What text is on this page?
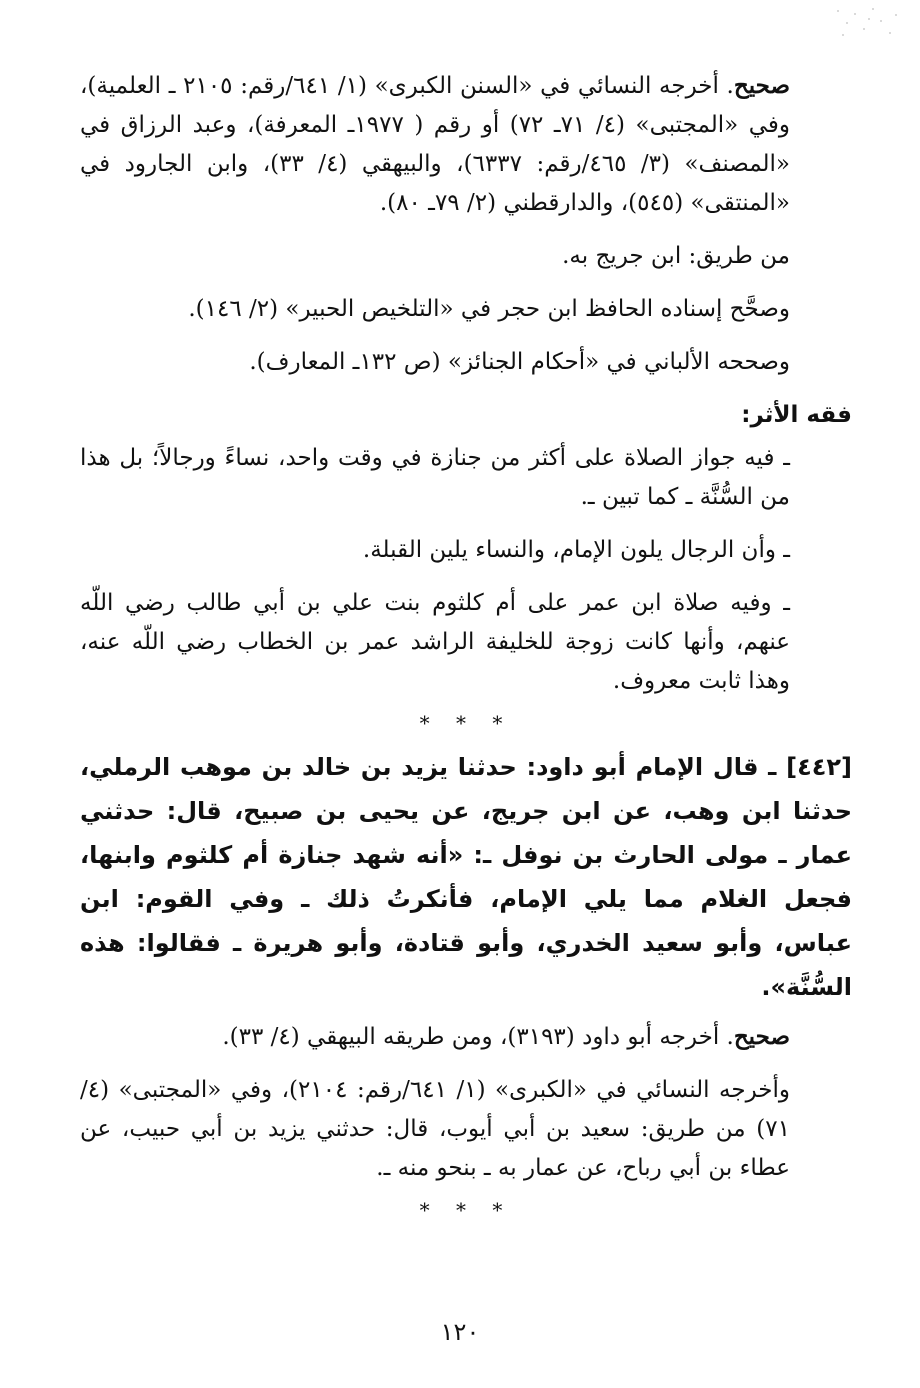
صحيح. أخرجه النسائي في «السنن الكبرى» (١/ ٦٤١/رقم: ٢١٠٥ ـ العلمية)، وفي «المجتبى» (٤/ ٧١ـ ٧٢) أو رقم ( ١٩٧٧ـ المعرفة)، وعبد الرزاق في «المصنف» (٣/ ٤٦٥/رقم: ٦٣٣٧)، والبيهقي (٤/ ٣٣)، وابن الجارود في «المنتقى» (٥٤٥)، والدارقطني (٢/ ٧٩ـ ٨٠).

من طريق: ابن جريج به.

وصحَّح إسناده الحافظ ابن حجر في «التلخيص الحبير» (٢/ ١٤٦).

وصححه الألباني في «أحكام الجنائز» (ص ١٣٢ـ المعارف).

فقه الأثر:

ـ فيه جواز الصلاة على أكثر من جنازة في وقت واحد، نساءً ورجالاً؛ بل هذا من السُّنَّة ـ كما تبين ـ.

ـ وأن الرجال يلون الإمام، والنساء يلين القبلة.

ـ وفيه صلاة ابن عمر على أم كلثوم بنت علي بن أبي طالب رضي اللّه عنهم، وأنها كانت زوجة للخليفة الراشد عمر بن الخطاب رضي اللّه عنه، وهذا ثابت معروف.

* * *

[٤٤٢] ـ قال الإمام أبو داود: حدثنا يزيد بن خالد بن موهب الرملي، حدثنا ابن وهب، عن ابن جريج، عن يحيى بن صبيح، قال: حدثني عمار ـ مولى الحارث بن نوفل ـ: «أنه شهد جنازة أم كلثوم وابنها، فجعل الغلام مما يلي الإمام، فأنكرتُ ذلك ـ وفي القوم: ابن عباس، وأبو سعيد الخدري، وأبو قتادة، وأبو هريرة ـ فقالوا: هذه السُّنَّة».

صحيح. أخرجه أبو داود (٣١٩٣)، ومن طريقه البيهقي (٤/ ٣٣).

وأخرجه النسائي في «الكبرى» (١/ ٦٤١/رقم: ٢١٠٤)، وفي «المجتبى» (٤/ ٧١) من طريق: سعيد بن أبي أيوب، قال: حدثني يزيد بن أبي حبيب، عن عطاء بن أبي رباح، عن عمار به ـ بنحو منه ـ.

* * *
١٢٠
